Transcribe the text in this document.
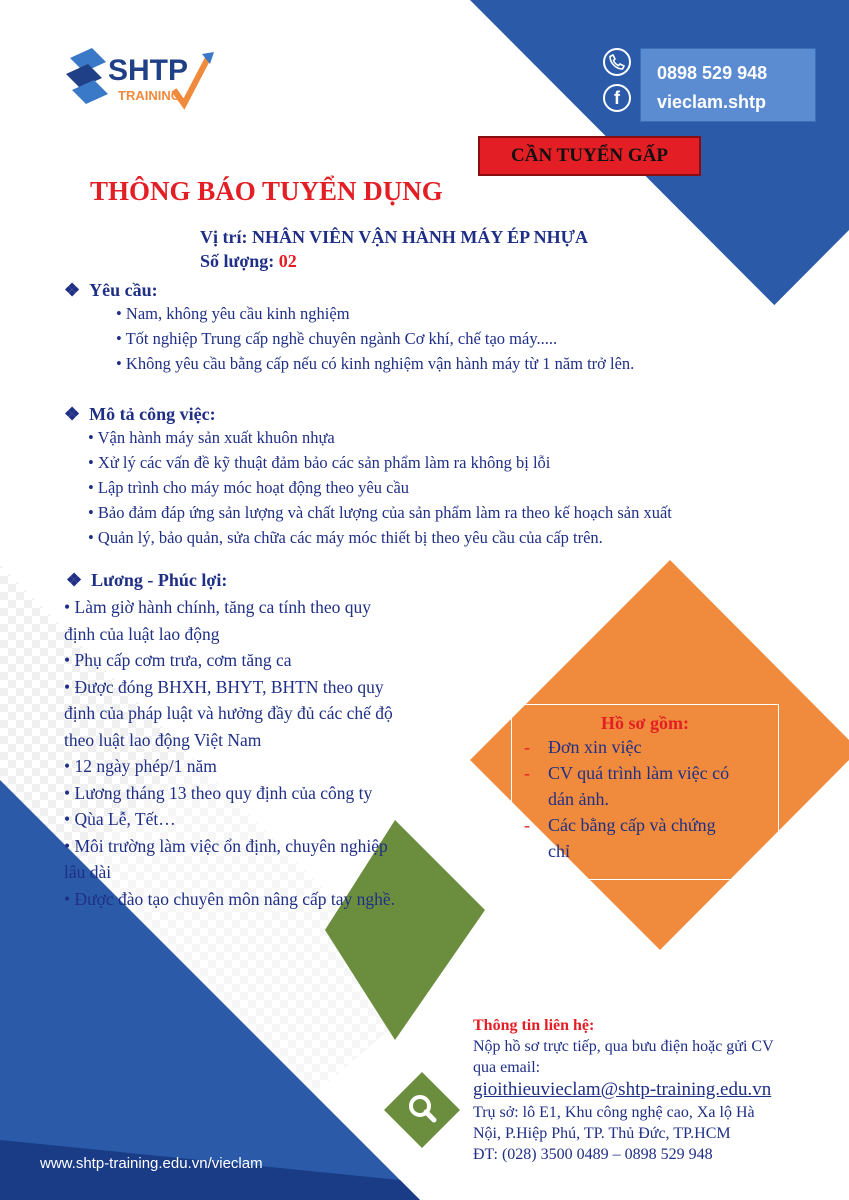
SHTP
TRAINING	f
0898 529 948
vieclam.shtp
CẦN TUYỂN GẤP
THÔNG BÁO TUYỂN DỤNG
Vị trí: NHÂN VIÊN VẬN HÀNH MÁY ÉP NHỰA
Số lượng: 02
❖ Yêu cầu:
• Nam, không yêu cầu kinh nghiệm
• Tốt nghiệp Trung cấp nghề chuyên ngành Cơ khí, chế tạo máy.....
• Không yêu cầu bằng cấp nếu có kinh nghiệm vận hành máy từ 1 năm trở lên.
❖ Mô tả công việc:
• Vận hành máy sản xuất khuôn nhựa
• Xử lý các vấn đề kỹ thuật đảm bảo các sản phẩm làm ra không bị lỗi
• Lập trình cho máy móc hoạt động theo yêu cầu
• Bảo đảm đáp ứng sản lượng và chất lượng của sản phẩm làm ra theo kế hoạch sản xuất
• Quản lý, bảo quản, sửa chữa các máy móc thiết bị theo yêu cầu của cấp trên.
❖ Lương - Phúc lợi:
• Làm giờ hành chính, tăng ca tính theo quy
định của luật lao động
• Phụ cấp cơm trưa, cơm tăng ca
• Được đóng BHXH, BHYT, BHTN theo quy
định của pháp luật và hưởng đầy đủ các chế độ
theo luật lao động Việt Nam
• 12 ngày phép/1 năm
• Lương tháng 13 theo quy định của công ty
• Qùa Lễ, Tết…
• Môi trường làm việc ổn định, chuyên nghiệp
lâu dài
• Được đào tạo chuyên môn nâng cấp tay nghề.
Hồ sơ gồm:
- Đơn xin việc
- CV quá trình làm việc có
dán ảnh.
- Các bằng cấp và chứng
chỉ
Thông tin liên hệ:
Nộp hồ sơ trực tiếp, qua bưu điện hoặc gửi CV
qua email:
gioithieuvieclam@shtp-training.edu.vn
Trụ sở: lô E1, Khu công nghệ cao, Xa lộ Hà
Nội, P.Hiệp Phú, TP. Thủ Đức, TP.HCM
ĐT: (028) 3500 0489 – 0898 529 948
www.shtp-training.edu.vn/vieclam
